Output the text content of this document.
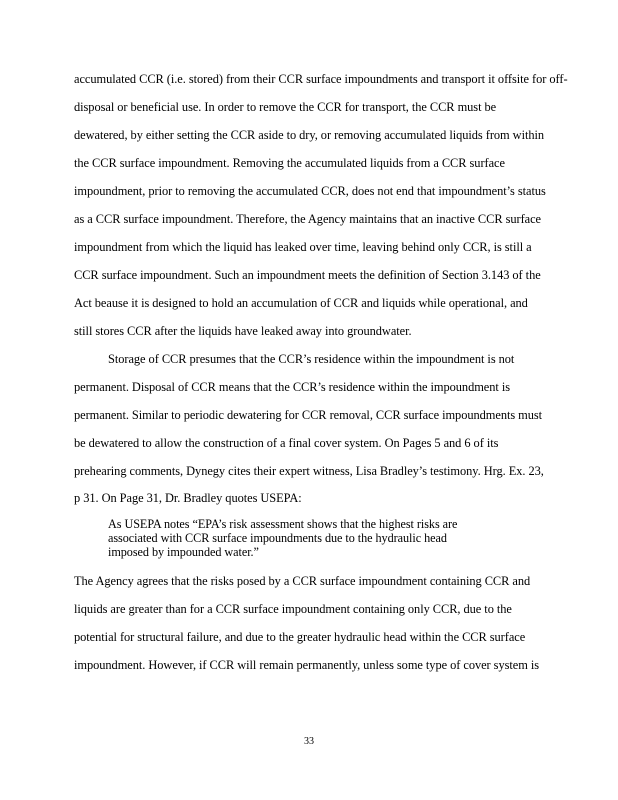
accumulated CCR (i.e. stored) from their CCR surface impoundments and transport it offsite for off-
disposal or beneficial use. In order to remove the CCR for transport, the CCR must be
dewatered, by either setting the CCR aside to dry, or removing accumulated liquids from within
the CCR surface impoundment. Removing the accumulated liquids from a CCR surface
impoundment, prior to removing the accumulated CCR, does not end that impoundment’s status
as a CCR surface impoundment. Therefore, the Agency maintains that an inactive CCR surface
impoundment from which the liquid has leaked over time, leaving behind only CCR, is still a
CCR surface impoundment. Such an impoundment meets the definition of Section 3.143 of the
Act beause it is designed to hold an accumulation of CCR and liquids while operational, and
still stores CCR after the liquids have leaked away into groundwater.
Storage of CCR presumes that the CCR’s residence within the impoundment is not
permanent. Disposal of CCR means that the CCR’s residence within the impoundment is
permanent. Similar to periodic dewatering for CCR removal, CCR surface impoundments must
be dewatered to allow the construction of a final cover system. On Pages 5 and 6 of its
prehearing comments, Dynegy cites their expert witness, Lisa Bradley’s testimony. Hrg. Ex. 23,
p 31. On Page 31, Dr. Bradley quotes USEPA:
As USEPA notes “EPA’s risk assessment shows that the highest risks are
associated with CCR surface impoundments due to the hydraulic head
imposed by impounded water.”
The Agency agrees that the risks posed by a CCR surface impoundment containing CCR and
liquids are greater than for a CCR surface impoundment containing only CCR, due to the
potential for structural failure, and due to the greater hydraulic head within the CCR surface
impoundment. However, if CCR will remain permanently, unless some type of cover system is
33
